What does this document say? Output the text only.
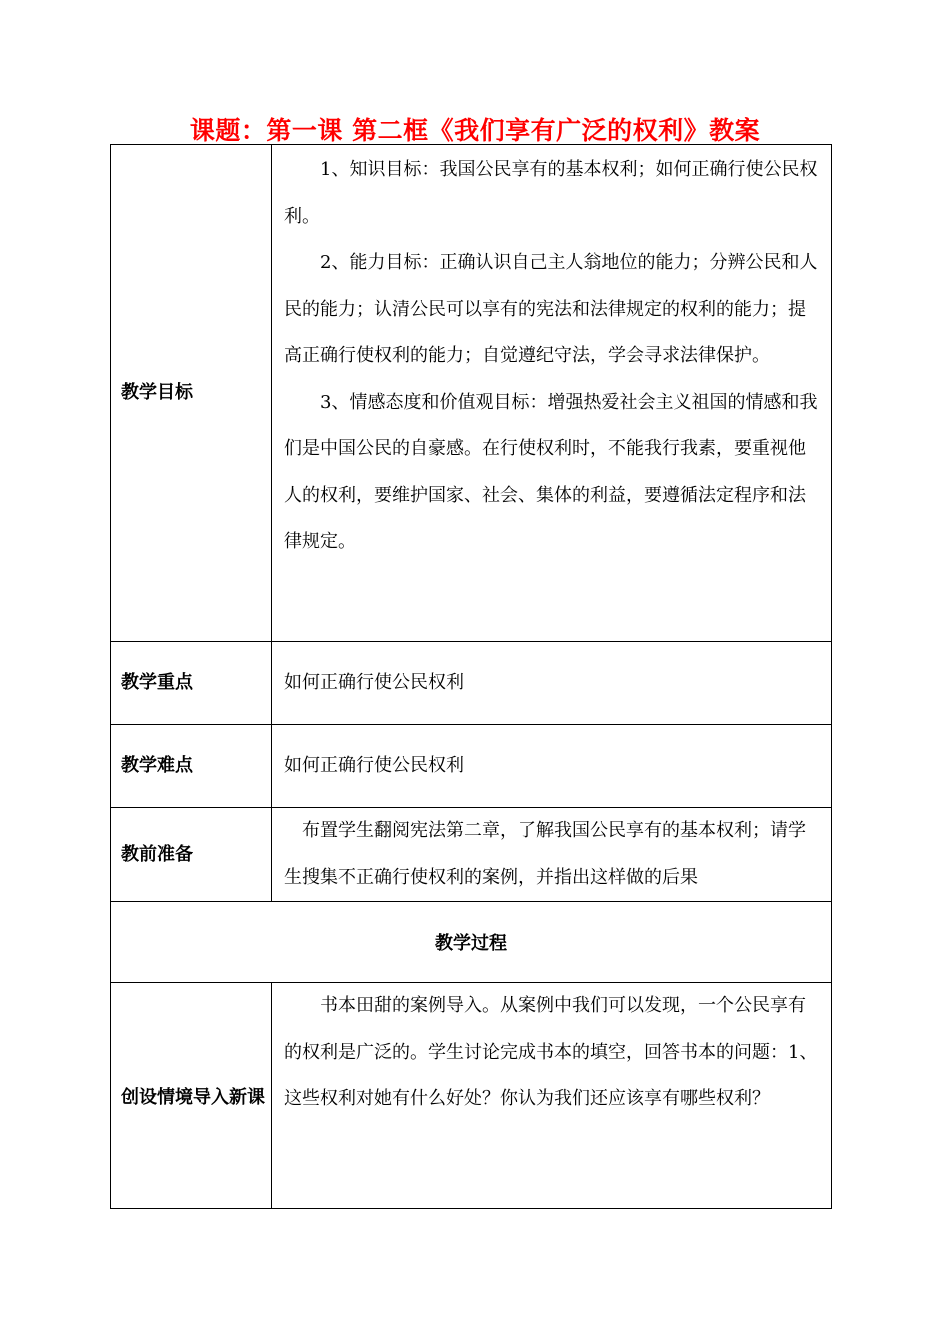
课题：第一课 第二框《我们享有广泛的权利》教案
教学目标	1、知识目标：我国公民享有的基本权利；如何正确行使公民权利。

2、能力目标：正确认识自己主人翁地位的能力；分辨公民和人民的能力；认清公民可以享有的宪法和法律规定的权利的能力；提高正确行使权利的能力；自觉遵纪守法，学会寻求法律保护。

3、情感态度和价值观目标：增强热爱社会主义祖国的情感和我们是中国公民的自豪感。在行使权利时，不能我行我素，要重视他人的权利，要维护国家、社会、集体的利益，要遵循法定程序和法律规定。

教学重点	如何正确行使公民权利

教学难点	如何正确行使公民权利

教前准备	布置学生翻阅宪法第二章，了解我国公民享有的基本权利；请学生搜集不正确行使权利的案例，并指出这样做的后果

教学过程	
创设情境导入新课	书本田甜的案例导入。从案例中我们可以发现，一个公民享有的权利是广泛的。学生讨论完成书本的填空，回答书本的问题：1、这些权利对她有什么好处？你认为我们还应该享有哪些权利？
